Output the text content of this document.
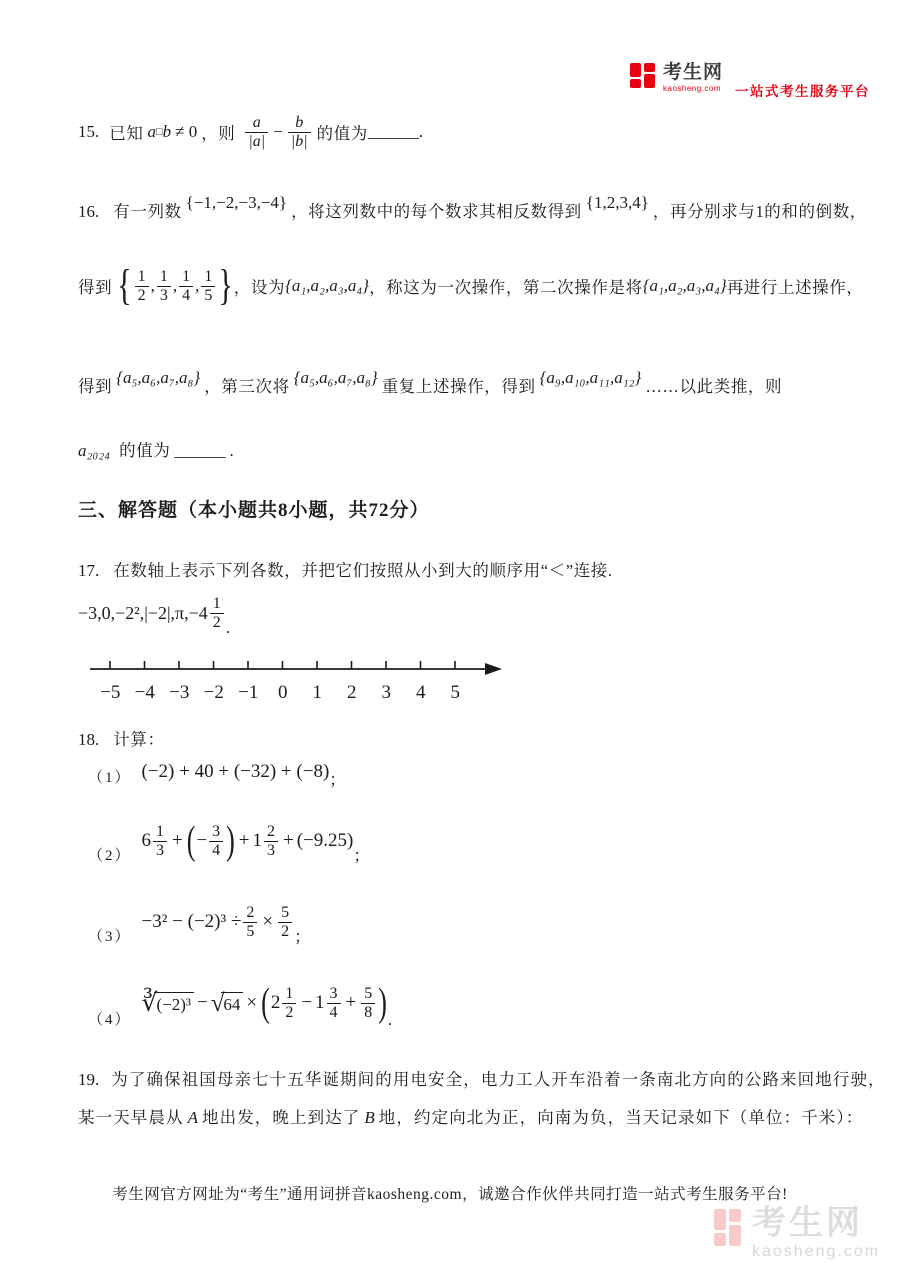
考生网
kaosheng.com 一站式考生服务平台
15. 已知 a □ b ≠ 0 ，则 $\frac{a}{|a|} - \frac{b}{|b|}$ 的值为 ______ .
16. 有一列数 {−1,−2,−3,−4} ，将这列数中的每个数求其相反数得到 {1,2,3,4} ，再分别求与1的和的倒数，
得到 { $\frac{1}{2}$ , $\frac{1}{3}$ , $\frac{1}{4}$ , $\frac{1}{5}$ } ，设为 {a₁,a₂,a₃,a₄} ，称这为一次操作，第二次操作是将 {a₁,a₂,a₃,a₄} 再进行上述操作，
得到 {a₅,a₆,a₇,a₈} ，第三次将 {a₅,a₆,a₇,a₈} 重复上述操作，得到 {a₉,a₁₀,a₁₁,a₁₂} ……以此类推，则
a₂₀₂₄ 的值为 ______ .
三、解答题（本小题共8小题，共72分）
17. 在数轴上表示下列各数，并把它们按照从小到大的顺序用“＜”连接.
$-3,0,-2^2,|-2|,\pi,-4 \frac{1}{2}$ .
−5 −4 −3 −2 −1 0 1 2 3 4 5
18. 计算：
（1） (−2) + 40 + (−32) + (−8) ；
（2）
$6 \frac{1}{3}$ + ( − $\frac{3}{4}$ ) + $1 \frac{2}{3} + (-9.25)$
；
（3）
$-3^2 - (-2)^3 \div \frac{2}{5} \times \frac{5}{2}$ ；
（4）
∛ (−2)³ − √ 64 × ( $2 \frac{1}{2} - 1 \frac{3}{4} + \frac{5}{8}$ ) .
19. 为了确保祖国母亲七十五华诞期间的用电安全，电力工人开车沿着一条南北方向的公路来回地行驶，
某一天早晨从 A 地出发，晚上到达了 B 地，约定向北为正，向南为负，当天记录如下（单位：千米）：
考生网官方网址为“考生”通用词拼音kaosheng.com，诚邀合作伙伴共同打造一站式考生服务平台!
考生网
kaosheng.com
